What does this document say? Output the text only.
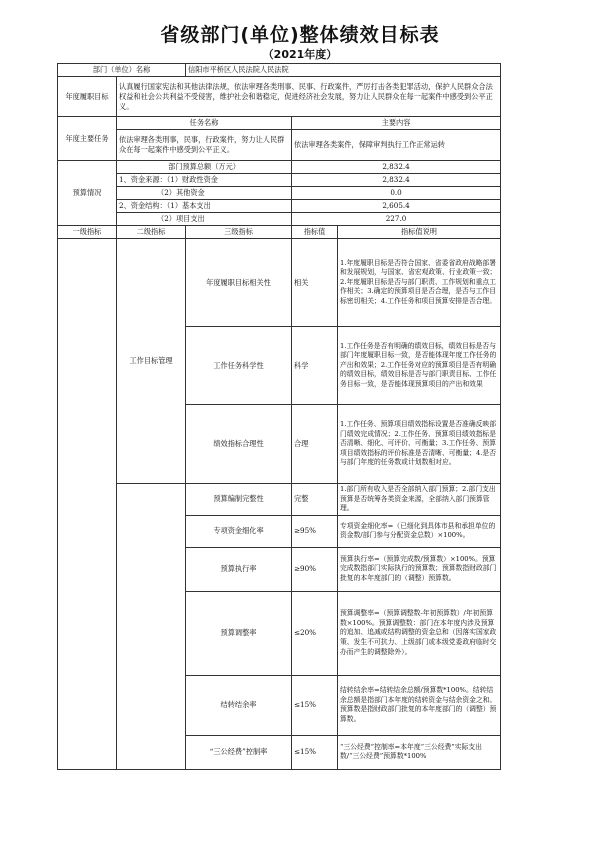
省级部门(单位)整体绩效目标表
（2021年度）
部门（单位）名称		信阳市平桥区人民法院人民法院		
年度履职目标	认真履行国家宪法和其他法律法规，依法审理各类刑事、民事、行政案件，严厉打击各类犯罪活动，保护人民群众合法权益和社会公共利益不受侵害，维护社会和谐稳定，促进经济社会发展，努力让人民群众在每一起案件中感受到公平正义。			
年度主要任务	任务名称		主要内容	
	依法审理各类刑事，民事，行政案件，努力让人民群众在每一起案件中感受到公平正义。		依法审理各类案件，保障审判执行工作正常运转	
预算情况	部门预算总额（万元）		2,832.4	
	1、资金来源：（1）财政性资金		2,832.4	
	（2）其他资金		0.0	
	2、资金结构：（1）基本支出		2,605.4	
	（2）项目支出		227.0	
一级指标	二级指标	三级指标	指标值	指标值说明
	工作目标管理	年度履职目标相关性	相关	1.年度履职目标是否符合国家、省委省政府战略部署和发展规划，与国家、省宏观政策、行业政策一致；2.年度履职目标是否与部门职责、工作规划和重点工作相关；3.确定的预算项目是否合理，是否与工作目标密切相关；4.工作任务和项目预算安排是否合理。
		工作任务科学性	科学	1.工作任务是否有明确的绩效目标，绩效目标是否与部门年度履职目标一致，是否能体现年度工作任务的产出和效果；2.工作任务对应的预算项目是否有明确的绩效目标，绩效目标是否与部门职责目标、工作任务目标一致，是否能体现预算项目的产出和效果
		绩效指标合理性	合理	1.工作任务、预算项目绩效指标设置是否准确反映部门绩效完成情况；2.工作任务、预算项目绩效指标是否清晰、细化、可评价、可衡量；3.工作任务、预算项目绩效指标的评价标准是否清晰、可衡量；4.是否与部门年度的任务数或计划数相对应。
		预算编制完整性	完整	1.部门所有收入是否全部纳入部门预算；2.部门支出预算是否统筹各类资金来源，全部纳入部门预算管理。
		专项资金细化率	≥95%	专项资金细化率=（已细化到具体市县和承担单位的资金数/部门参与分配资金总数）×100%。
		预算执行率	≥90%	预算执行率=（预算完成数/预算数）×100%。预算完成数指部门实际执行的预算数；预算数指财政部门批复的本年度部门的（调整）预算数。
		预算调整率	≤20%	预算调整率=（预算调整数-年初预算数）/年初预算数×100%。预算调整数：部门在本年度内涉及预算的追加、追减或结构调整的资金总和（因落实国家政策、发生不可抗力、上级部门或本级党委政府临时交办而产生的调整除外）。
		结转结余率	≤15%	结转结余率=结转结余总额/预算数*100%。结转结余总额是指部门本年度的结转资金与结余资金之和。预算数是指财政部门批复的本年度部门的（调整）预算数。
		“三公经费”控制率	≤15%	“三公经费”控制率=本年度“三公经费”实际支出数/“三公经费”预算数*100%
